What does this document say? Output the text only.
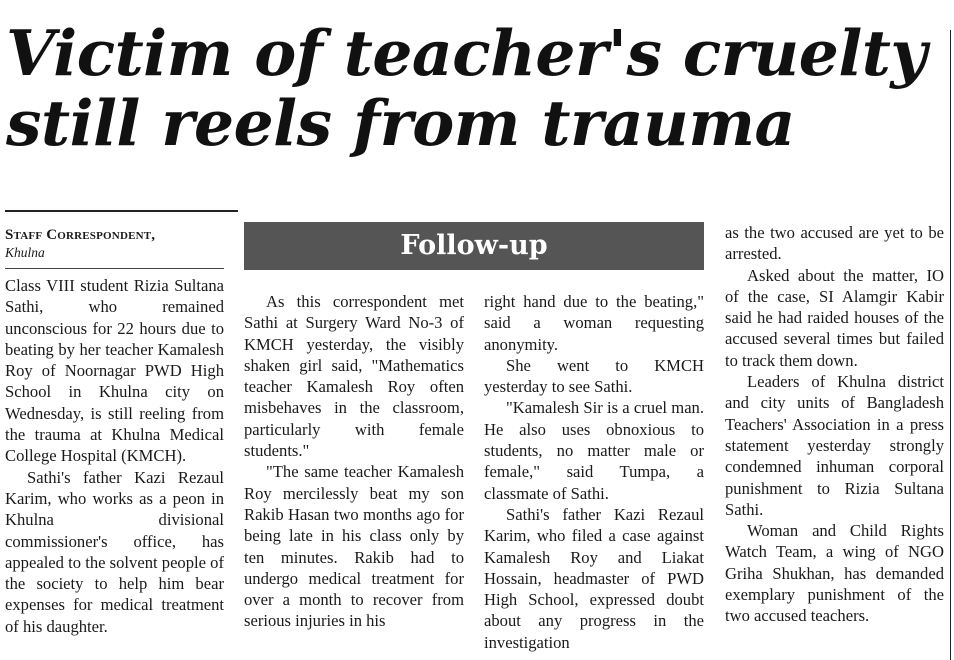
Victim of teacher's cruelty
still reels from trauma
Staff Correspondent,
Khulna

Class VIII student Rizia Sultana Sathi, who remained unconscious for 22 hours due to beating by her teacher Kamalesh Roy of Noornagar PWD High School in Khulna city on Wednesday, is still reeling from the trauma at Khulna Medical College Hospital (KMCH).

Sathi's father Kazi Rezaul Karim, who works as a peon in Khulna divisional commissioner's office, has appealed to the solvent people of the society to help him bear expenses for medical treatment of his daughter.

Follow-up

As this correspondent met Sathi at Surgery Ward No-3 of KMCH yesterday, the visibly shaken girl said, "Mathematics teacher Kamalesh Roy often misbehaves in the classroom, particularly with female students."

"The same teacher Kamalesh Roy mercilessly beat my son Rakib Hasan two months ago for being late in his class only by ten minutes. Rakib had to undergo medical treatment for over a month to recover from serious injuries in his

right hand due to the beating," said a woman requesting anonymity.

She went to KMCH yesterday to see Sathi.

"Kamalesh Sir is a cruel man. He also uses obnoxious to students, no matter male or female," said Tumpa, a classmate of Sathi.

Sathi's father Kazi Rezaul Karim, who filed a case against Kamalesh Roy and Liakat Hossain, headmaster of PWD High School, expressed doubt about any progress in the investigation

as the two accused are yet to be arrested.

Asked about the matter, IO of the case, SI Alamgir Kabir said he had raided houses of the accused several times but failed to track them down.

Leaders of Khulna district and city units of Bangladesh Teachers' Association in a press statement yesterday strongly condemned inhuman corporal punishment to Rizia Sultana Sathi.

Woman and Child Rights Watch Team, a wing of NGO Griha Shukhan, has demanded exemplary punishment of the two accused teachers.
